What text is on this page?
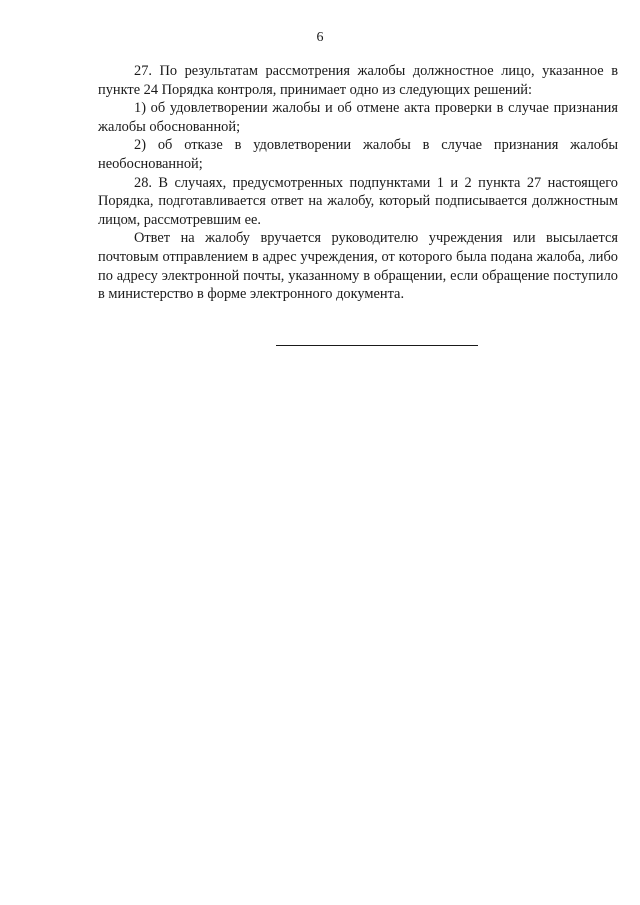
6

27. По результатам рассмотрения жалобы должностное лицо, указанное в пункте 24 Порядка контроля, принимает одно из следующих решений:

1) об удовлетворении жалобы и об отмене акта проверки в случае признания жалобы обоснованной;

2) об отказе в удовлетворении жалобы в случае признания жалобы необоснованной;

28. В случаях, предусмотренных подпунктами 1 и 2 пункта 27 настоящего Порядка, подготавливается ответ на жалобу, который подписывается должностным лицом, рассмотревшим ее.

Ответ на жалобу вручается руководителю учреждения или высылается почтовым отправлением в адрес учреждения, от которого была подана жалоба, либо по адресу электронной почты, указанному в обращении, если обращение поступило в министерство в форме электронного документа.
